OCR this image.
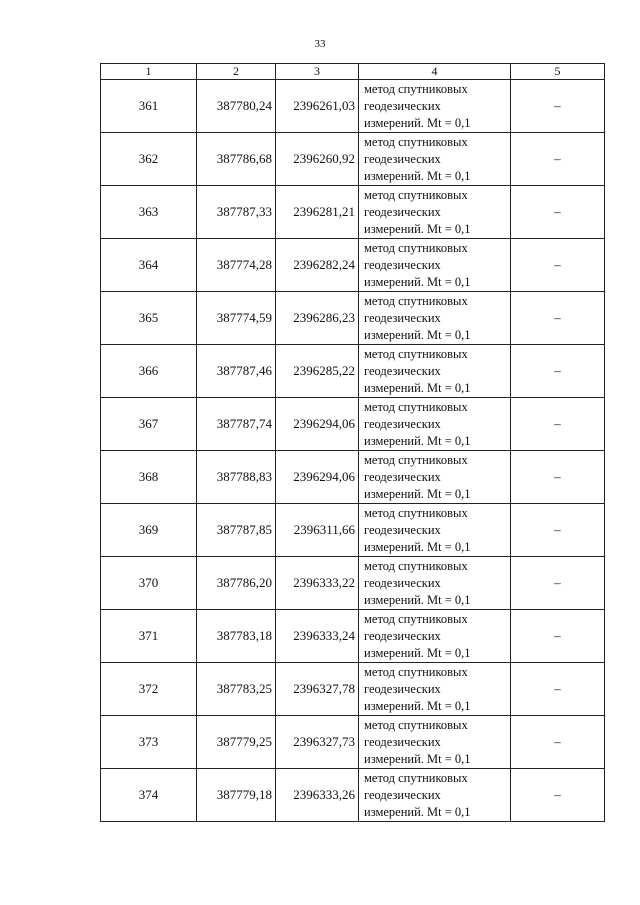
33
1	2	3	4	5
361	387780,24	2396261,03	метод спутниковых
геодезических
измерений. Mt = 0,1	–
362	387786,68	2396260,92	метод спутниковых
геодезических
измерений. Mt = 0,1	–
363	387787,33	2396281,21	метод спутниковых
геодезических
измерений. Mt = 0,1	–
364	387774,28	2396282,24	метод спутниковых
геодезических
измерений. Mt = 0,1	–
365	387774,59	2396286,23	метод спутниковых
геодезических
измерений. Mt = 0,1	–
366	387787,46	2396285,22	метод спутниковых
геодезических
измерений. Mt = 0,1	–
367	387787,74	2396294,06	метод спутниковых
геодезических
измерений. Mt = 0,1	–
368	387788,83	2396294,06	метод спутниковых
геодезических
измерений. Mt = 0,1	–
369	387787,85	2396311,66	метод спутниковых
геодезических
измерений. Mt = 0,1	–
370	387786,20	2396333,22	метод спутниковых
геодезических
измерений. Mt = 0,1	–
371	387783,18	2396333,24	метод спутниковых
геодезических
измерений. Mt = 0,1	–
372	387783,25	2396327,78	метод спутниковых
геодезических
измерений. Mt = 0,1	–
373	387779,25	2396327,73	метод спутниковых
геодезических
измерений. Mt = 0,1	–
374	387779,18	2396333,26	метод спутниковых
геодезических
измерений. Mt = 0,1	–
